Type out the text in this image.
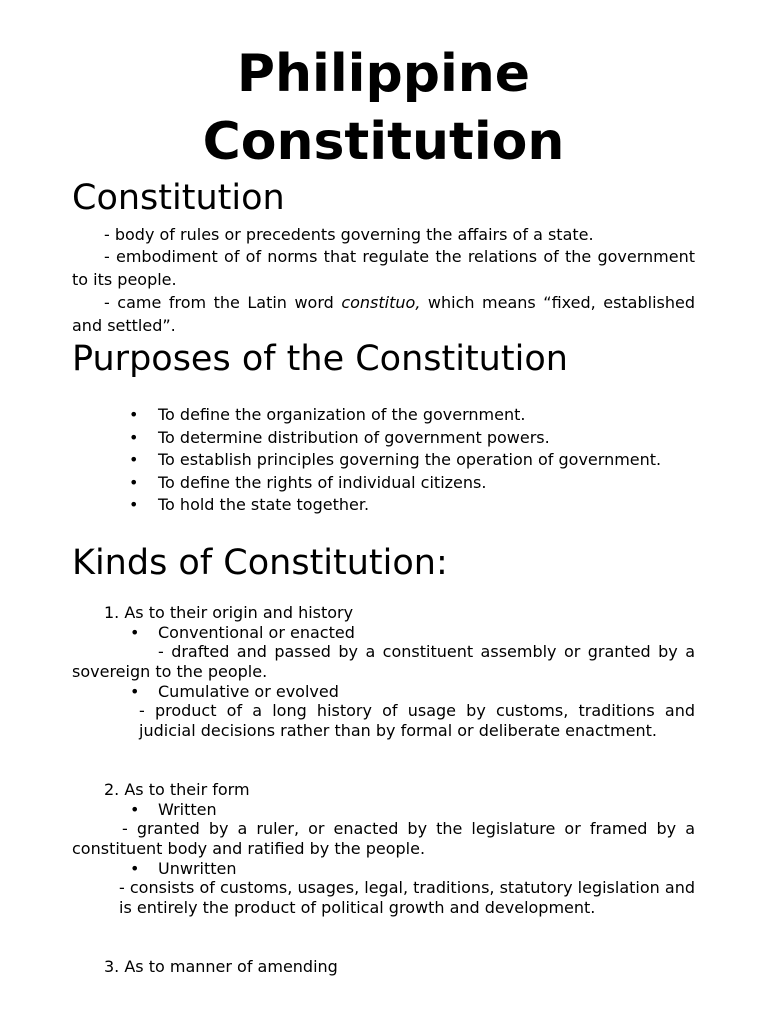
Philippine
Constitution
Constitution

- body of rules or precedents governing the affairs of a state.

- embodiment of of norms that regulate the relations of the government to its people.

- came from the Latin word constituo, which means “fixed, established and settled”.

Purposes of the Constitution
• To define the organization of the government.
• To determine distribution of government powers.
• To establish principles governing the operation of government.
• To define the rights of individual citizens.
• To hold the state together.
Kinds of Constitution:

1. As to their origin and history

• Conventional or enacted

- drafted and passed by a constituent assembly or granted by a sovereign to the people.

• Cumulative or evolved

- product of a long history of usage by customs, traditions and judicial decisions rather than by formal or deliberate enactment.

2. As to their form

• Written

- granted by a ruler, or enacted by the legislature or framed by a constituent body and ratified by the people.

• Unwritten

- consists of customs, usages, legal, traditions, statutory legislation and is entirely the product of political growth and development.

3. As to manner of amending
